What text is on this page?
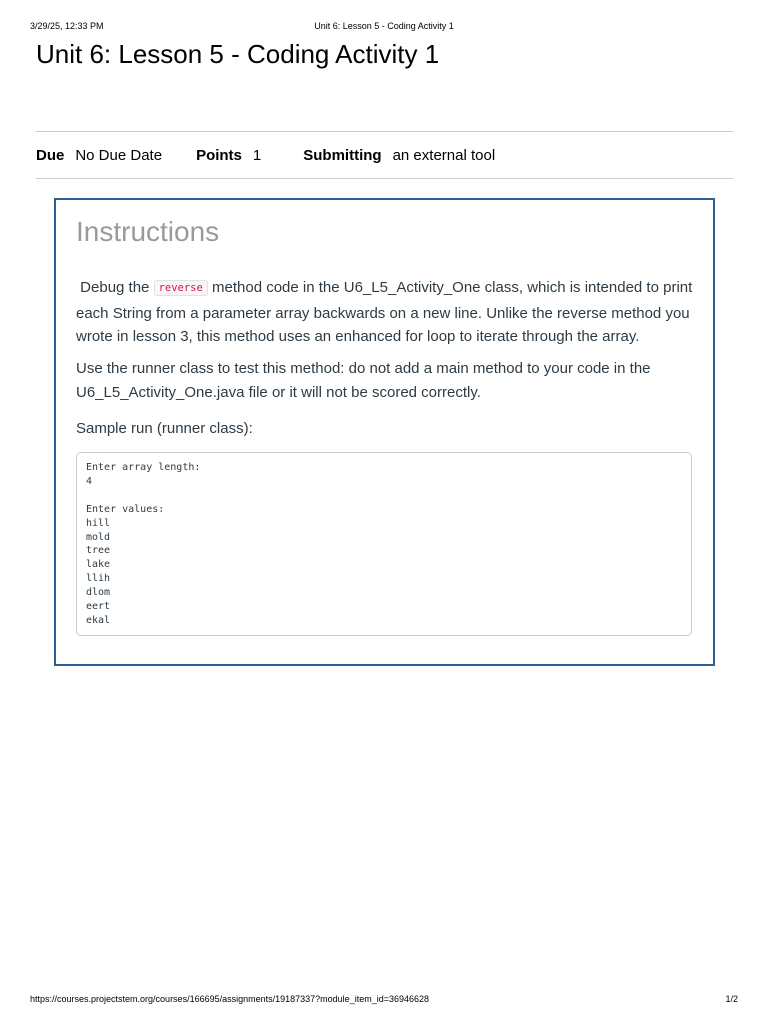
3/29/25, 12:33 PM	Unit 6: Lesson 5 - Coding Activity 1
Unit 6: Lesson 5 - Coding Activity 1
Due No Due Date Points 1	Submitting an external tool
Instructions

Debug the reverse method code in the U6_L5_Activity_One class, which is intended to print each String from a parameter array backwards on a new line. Unlike the reverse method you wrote in lesson 3, this method uses an enhanced for loop to iterate through the array.

Use the runner class to test this method: do not add a main method to your code in the U6_L5_Activity_One.java file or it will not be scored correctly.

Sample run (runner class):

Enter array length:
4

Enter values:
hill
mold
tree
lake
llih
dlom
eert
ekal
https://courses.projectstem.org/courses/166695/assignments/19187337?module_item_id=36946628	1/2
